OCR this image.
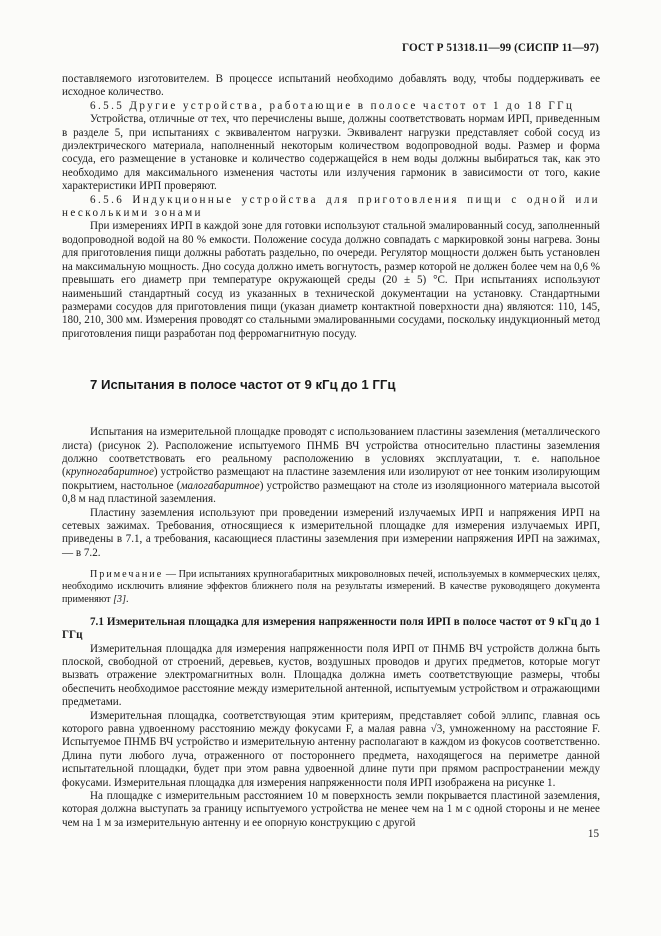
ГОСТ Р 51318.11—99 (СИСПР 11—97)

поставляемого изготовителем. В процессе испытаний необходимо добавлять воду, чтобы поддерживать ее исходное количество.

6.5.5 Другие устройства, работающие в полосе частот от 1 до 18 ГГц

Устройства, отличные от тех, что перечислены выше, должны соответствовать нормам ИРП, приведенным в разделе 5, при испытаниях с эквивалентом нагрузки. Эквивалент нагрузки представляет собой сосуд из диэлектрического материала, наполненный некоторым количеством водопроводной воды. Размер и форма сосуда, его размещение в установке и количество содержащейся в нем воды должны выбираться так, как это необходимо для максимального изменения частоты или излучения гармоник в зависимости от того, какие характеристики ИРП проверяют.

6.5.6 Индукционные устройства для приготовления пищи с одной или несколькими зонами

При измерениях ИРП в каждой зоне для готовки используют стальной эмалированный сосуд, заполненный водопроводной водой на 80 % емкости. Положение сосуда должно совпадать с маркировкой зоны нагрева. Зоны для приготовления пищи должны работать раздельно, по очереди. Регулятор мощности должен быть установлен на максимальную мощность. Дно сосуда должно иметь вогнутость, размер которой не должен более чем на 0,6 % превышать его диаметр при температуре окружающей среды (20 ± 5) °С. При испытаниях используют наименьший стандартный сосуд из указанных в технической документации на установку. Стандартными размерами сосудов для приготовления пищи (указан диаметр контактной поверхности дна) являются: 110, 145, 180, 210, 300 мм. Измерения проводят со стальными эмалированными сосудами, поскольку индукционный метод приготовления пищи разработан под ферромагнитную посуду.

7 Испытания в полосе частот от 9 кГц до 1 ГГц

Испытания на измерительной площадке проводят с использованием пластины заземления (металлического листа) (рисунок 2). Расположение испытуемого ПНМБ ВЧ устройства относительно пластины заземления должно соответствовать его реальному расположению в условиях эксплуатации, т. е. напольное (крупногабаритное) устройство размещают на пластине заземления или изолируют от нее тонким изолирующим покрытием, настольное (малогабаритное) устройство размещают на столе из изоляционного материала высотой 0,8 м над пластиной заземления.

Пластину заземления используют при проведении измерений излучаемых ИРП и напряжения ИРП на сетевых зажимах. Требования, относящиеся к измерительной площадке для измерения излучаемых ИРП, приведены в 7.1, а требования, касающиеся пластины заземления при измерении напряжения ИРП на зажимах, — в 7.2.

Примечание — При испытаниях крупногабаритных микроволновых печей, используемых в коммерческих целях, необходимо исключить влияние эффектов ближнего поля на результаты измерений. В качестве руководящего документа применяют [3].

7.1 Измерительная площадка для измерения напряженности поля ИРП в полосе частот от 9 кГц до 1 ГГц

Измерительная площадка для измерения напряженности поля ИРП от ПНМБ ВЧ устройств должна быть плоской, свободной от строений, деревьев, кустов, воздушных проводов и других предметов, которые могут вызвать отражение электромагнитных волн. Площадка должна иметь соответствующие размеры, чтобы обеспечить необходимое расстояние между измерительной антенной, испытуемым устройством и отражающими предметами.

Измерительная площадка, соответствующая этим критериям, представляет собой эллипс, главная ось которого равна удвоенному расстоянию между фокусами F, а малая равна √3, умноженному на расстояние F. Испытуемое ПНМБ ВЧ устройство и измерительную антенну располагают в каждом из фокусов соответственно. Длина пути любого луча, отраженного от постороннего предмета, находящегося на периметре данной испытательной площадки, будет при этом равна удвоенной длине пути при прямом распространении между фокусами. Измерительная площадка для измерения напряженности поля ИРП изображена на рисунке 1.

На площадке с измерительным расстоянием 10 м поверхность земли покрывается пластиной заземления, которая должна выступать за границу испытуемого устройства не менее чем на 1 м с одной стороны и не менее чем на 1 м за измерительную антенну и ее опорную конструкцию с другой

15
